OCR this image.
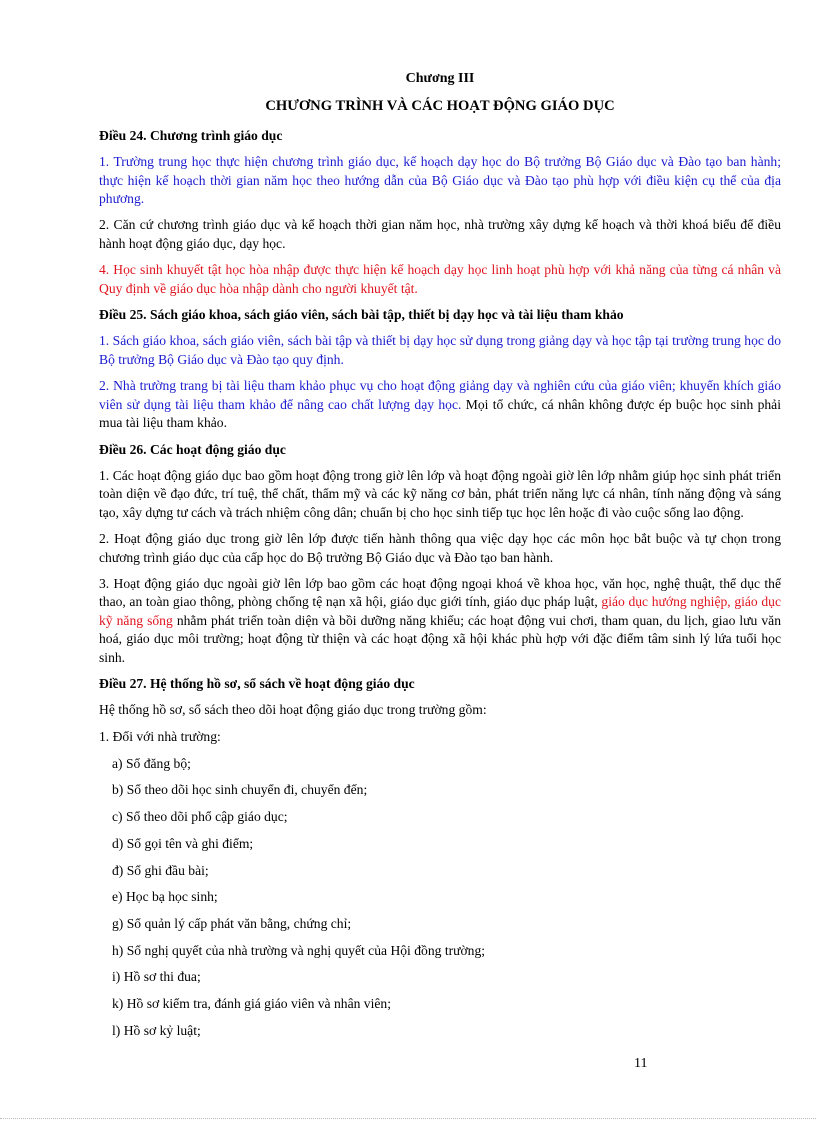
Chương III

CHƯƠNG TRÌNH VÀ CÁC HOẠT ĐỘNG GIÁO DỤC

Điều 24. Chương trình giáo dục

1. Trường trung học thực hiện chương trình giáo dục, kế hoạch dạy học do Bộ trưởng Bộ Giáo dục và Đào tạo ban hành; thực hiện kế hoạch thời gian năm học theo hướng dẫn của Bộ Giáo dục và Đào tạo phù hợp với điều kiện cụ thể của địa phương.

2. Căn cứ chương trình giáo dục và kế hoạch thời gian năm học, nhà trường xây dựng kế hoạch và thời khoá biểu để điều hành hoạt động giáo dục, dạy học.

4. Học sinh khuyết tật học hòa nhập được thực hiện kế hoạch dạy học linh hoạt phù hợp với khả năng của từng cá nhân và Quy định về giáo dục hòa nhập dành cho người khuyết tật.

Điều 25. Sách giáo khoa, sách giáo viên, sách bài tập, thiết bị dạy học và tài liệu tham khảo

1. Sách giáo khoa, sách giáo viên, sách bài tập và thiết bị dạy học sử dụng trong giảng dạy và học tập tại trường trung học do Bộ trưởng Bộ Giáo dục và Đào tạo quy định.

2. Nhà trường trang bị tài liệu tham khảo phục vụ cho hoạt động giảng dạy và nghiên cứu của giáo viên; khuyến khích giáo viên sử dụng tài liệu tham khảo để nâng cao chất lượng dạy học. Mọi tổ chức, cá nhân không được ép buộc học sinh phải mua tài liệu tham khảo.

Điều 26. Các hoạt động giáo dục

1. Các hoạt động giáo dục bao gồm hoạt động trong giờ lên lớp và hoạt động ngoài giờ lên lớp nhằm giúp học sinh phát triển toàn diện về đạo đức, trí tuệ, thể chất, thẩm mỹ và các kỹ năng cơ bản, phát triển năng lực cá nhân, tính năng động và sáng tạo, xây dựng tư cách và trách nhiệm công dân; chuẩn bị cho học sinh tiếp tục học lên hoặc đi vào cuộc sống lao động.

2. Hoạt động giáo dục trong giờ lên lớp được tiến hành thông qua việc dạy học các môn học bắt buộc và tự chọn trong chương trình giáo dục của cấp học do Bộ trưởng Bộ Giáo dục và Đào tạo ban hành.

3. Hoạt động giáo dục ngoài giờ lên lớp bao gồm các hoạt động ngoại khoá về khoa học, văn học, nghệ thuật, thể dục thể thao, an toàn giao thông, phòng chống tệ nạn xã hội, giáo dục giới tính, giáo dục pháp luật, giáo dục hướng nghiệp, giáo dục kỹ năng sống nhằm phát triển toàn diện và bồi dưỡng năng khiếu; các hoạt động vui chơi, tham quan, du lịch, giao lưu văn hoá, giáo dục môi trường; hoạt động từ thiện và các hoạt động xã hội khác phù hợp với đặc điểm tâm sinh lý lứa tuổi học sinh.

Điều 27. Hệ thống hồ sơ, sổ sách về hoạt động giáo dục

Hệ thống hồ sơ, sổ sách theo dõi hoạt động giáo dục trong trường gồm:

1. Đối với nhà trường:

a) Sổ đăng bộ;

b) Sổ theo dõi học sinh chuyển đi, chuyển đến;

c) Sổ theo dõi phổ cập giáo dục;

d) Sổ gọi tên và ghi điểm;

đ) Sổ ghi đầu bài;

e) Học bạ học sinh;

g) Sổ quản lý cấp phát văn bằng, chứng chỉ;

h) Sổ nghị quyết của nhà trường và nghị quyết của Hội đồng trường;

i) Hồ sơ thi đua;

k) Hồ sơ kiểm tra, đánh giá giáo viên và nhân viên;

l) Hồ sơ kỷ luật;

11
